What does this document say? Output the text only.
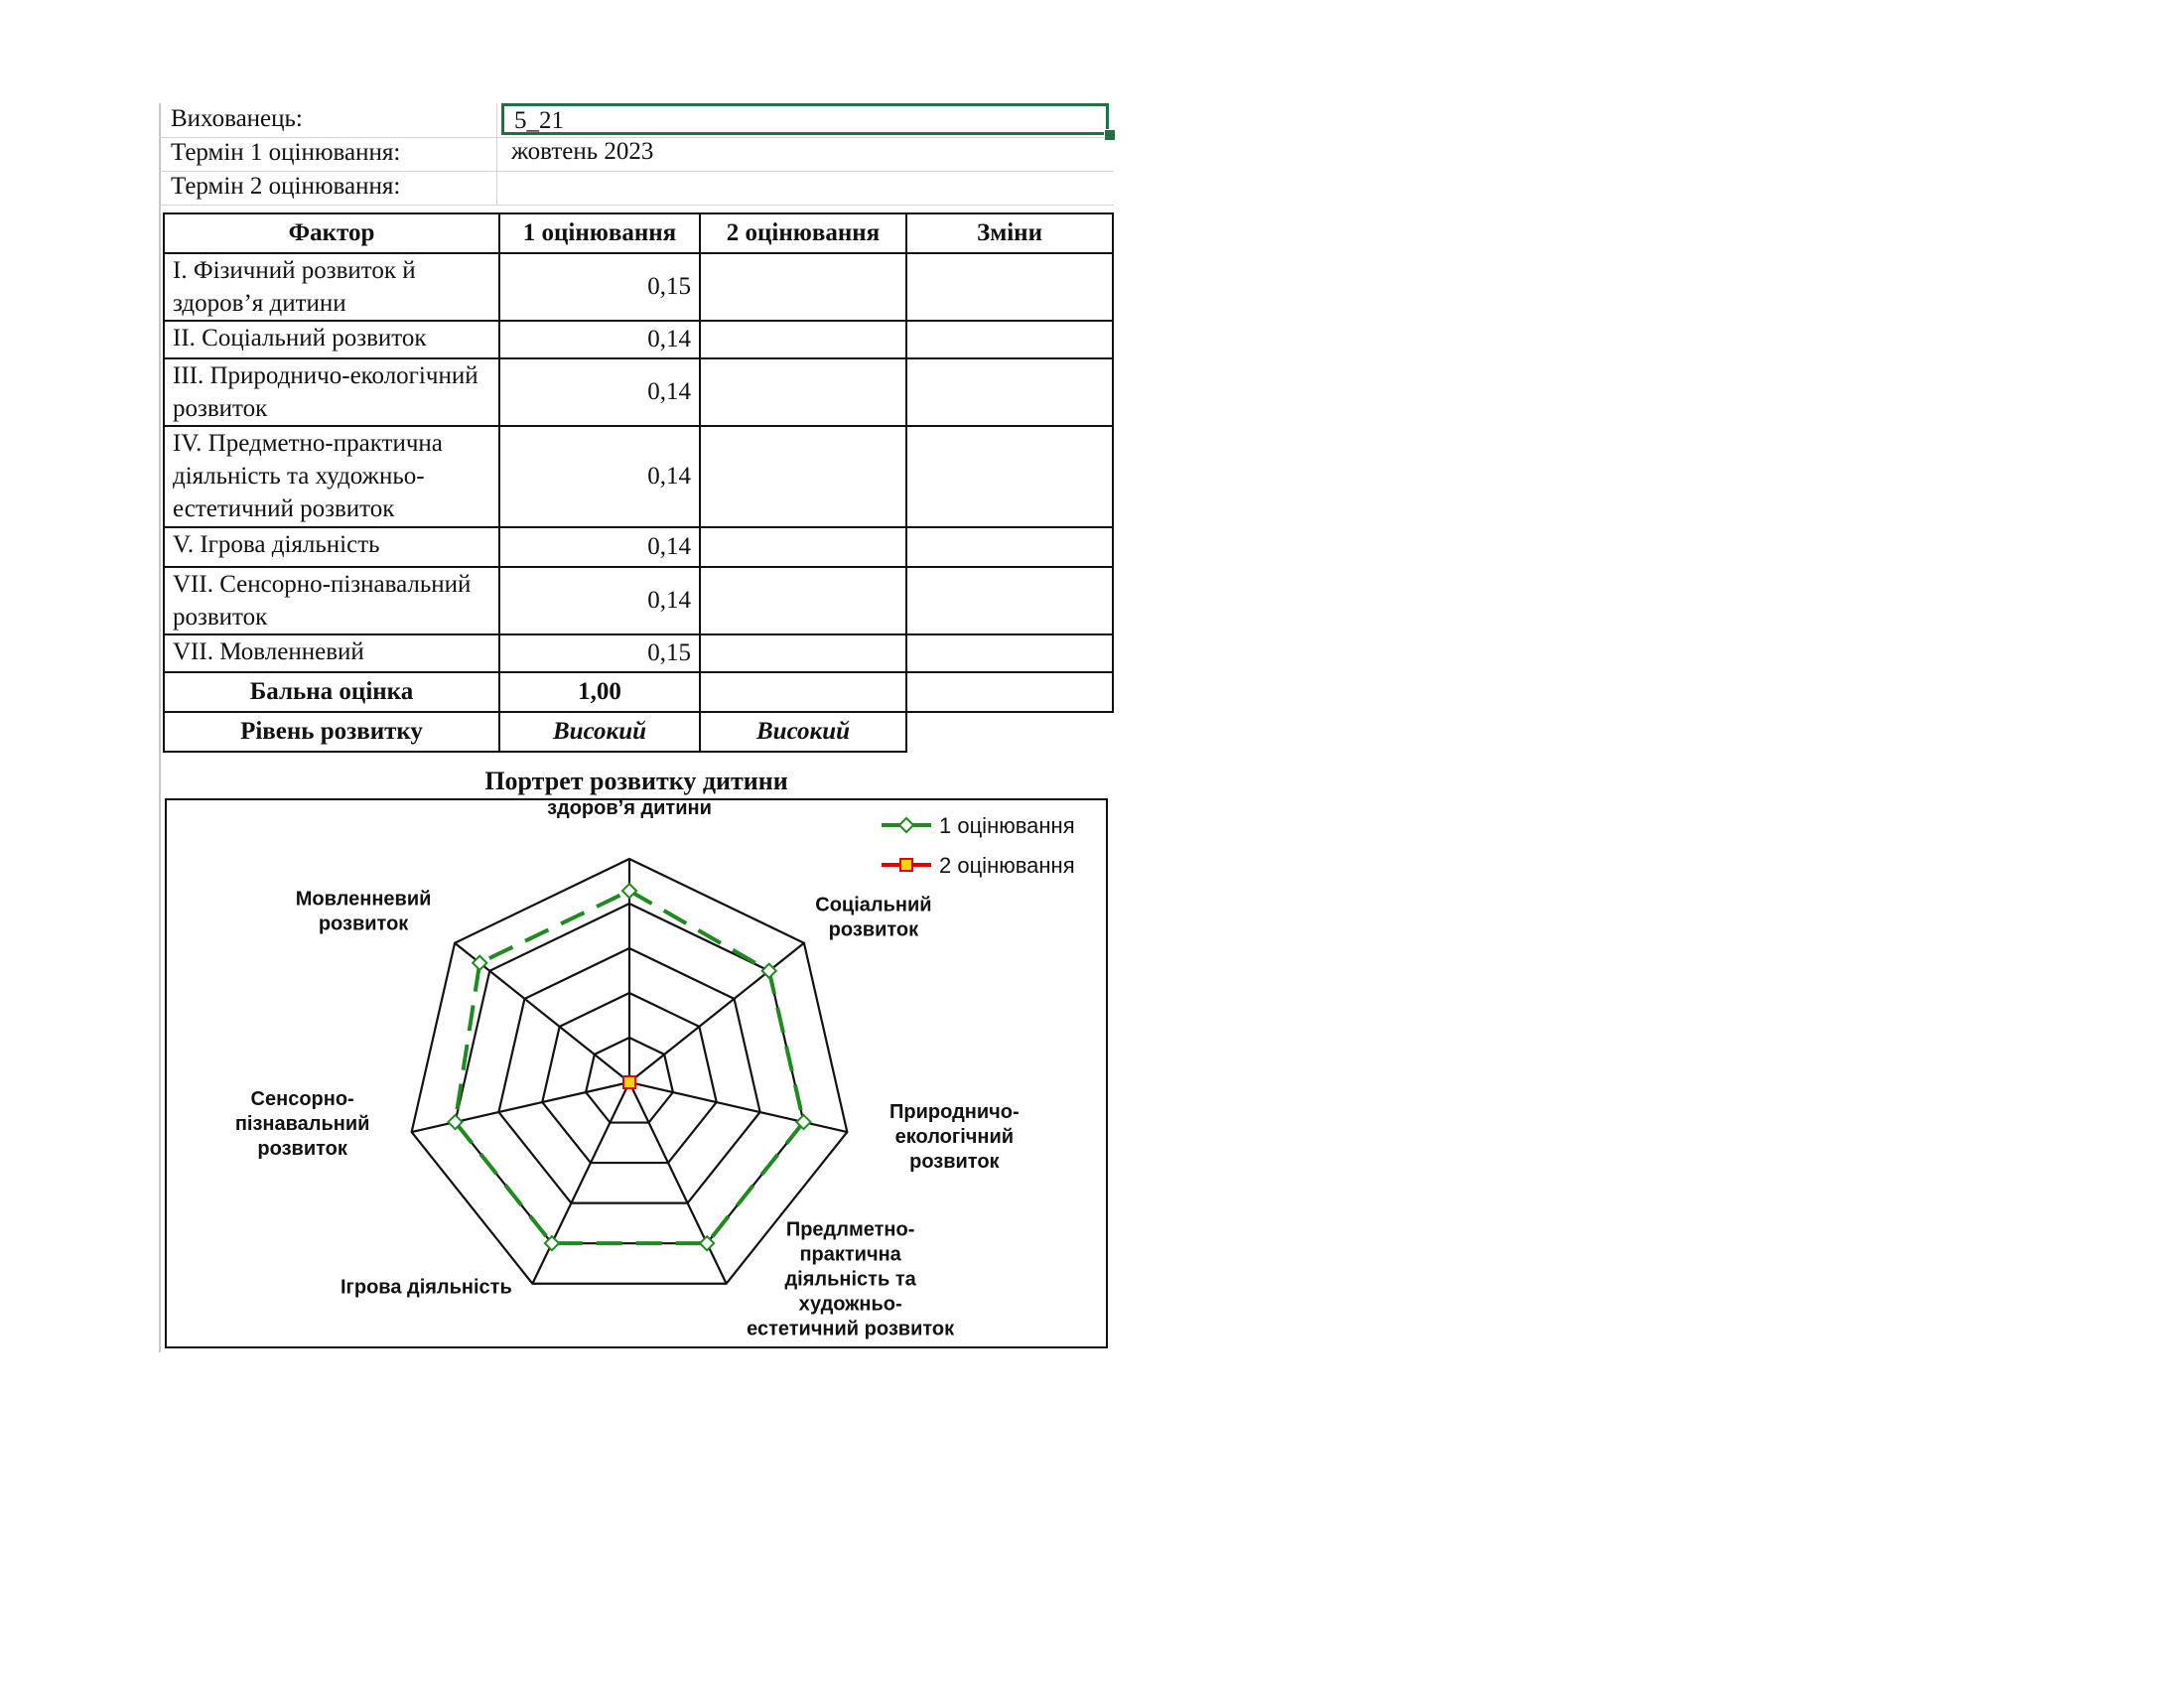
Вихованець:	5_21
Термін 1 оцінювання:	жовтень 2023
Термін 2 оцінювання:
Фактор	1 оцінювання	2 оцінювання	Зміни
I. Фізичний розвиток й здоров’я дитини	0,15		
II. Соціальний розвиток	0,14		
III. Природничо-екологічний розвиток	0,14		
IV. Предметно-практична діяльність та художньо-естетичний розвиток	0,14		
V. Ігрова діяльність	0,14		
VII. Сенсорно-пізнавальний розвиток	0,14		
VII. Мовленневий	0,15		
Бальна оцінка	1,00		
Рівень розвитку	Високий	Високий	
Портрет розвитку дитини
здоров’я дитини
Соціальний розвиток
Природничо-екологічний розвиток
Предлметно-практична діяльність та художньо-естетичний розвиток
Ігрова діяльність
Сенсорно-пізнавальний розвиток
Мовленневий розвиток
1 оцінювання
2 оцінювання
